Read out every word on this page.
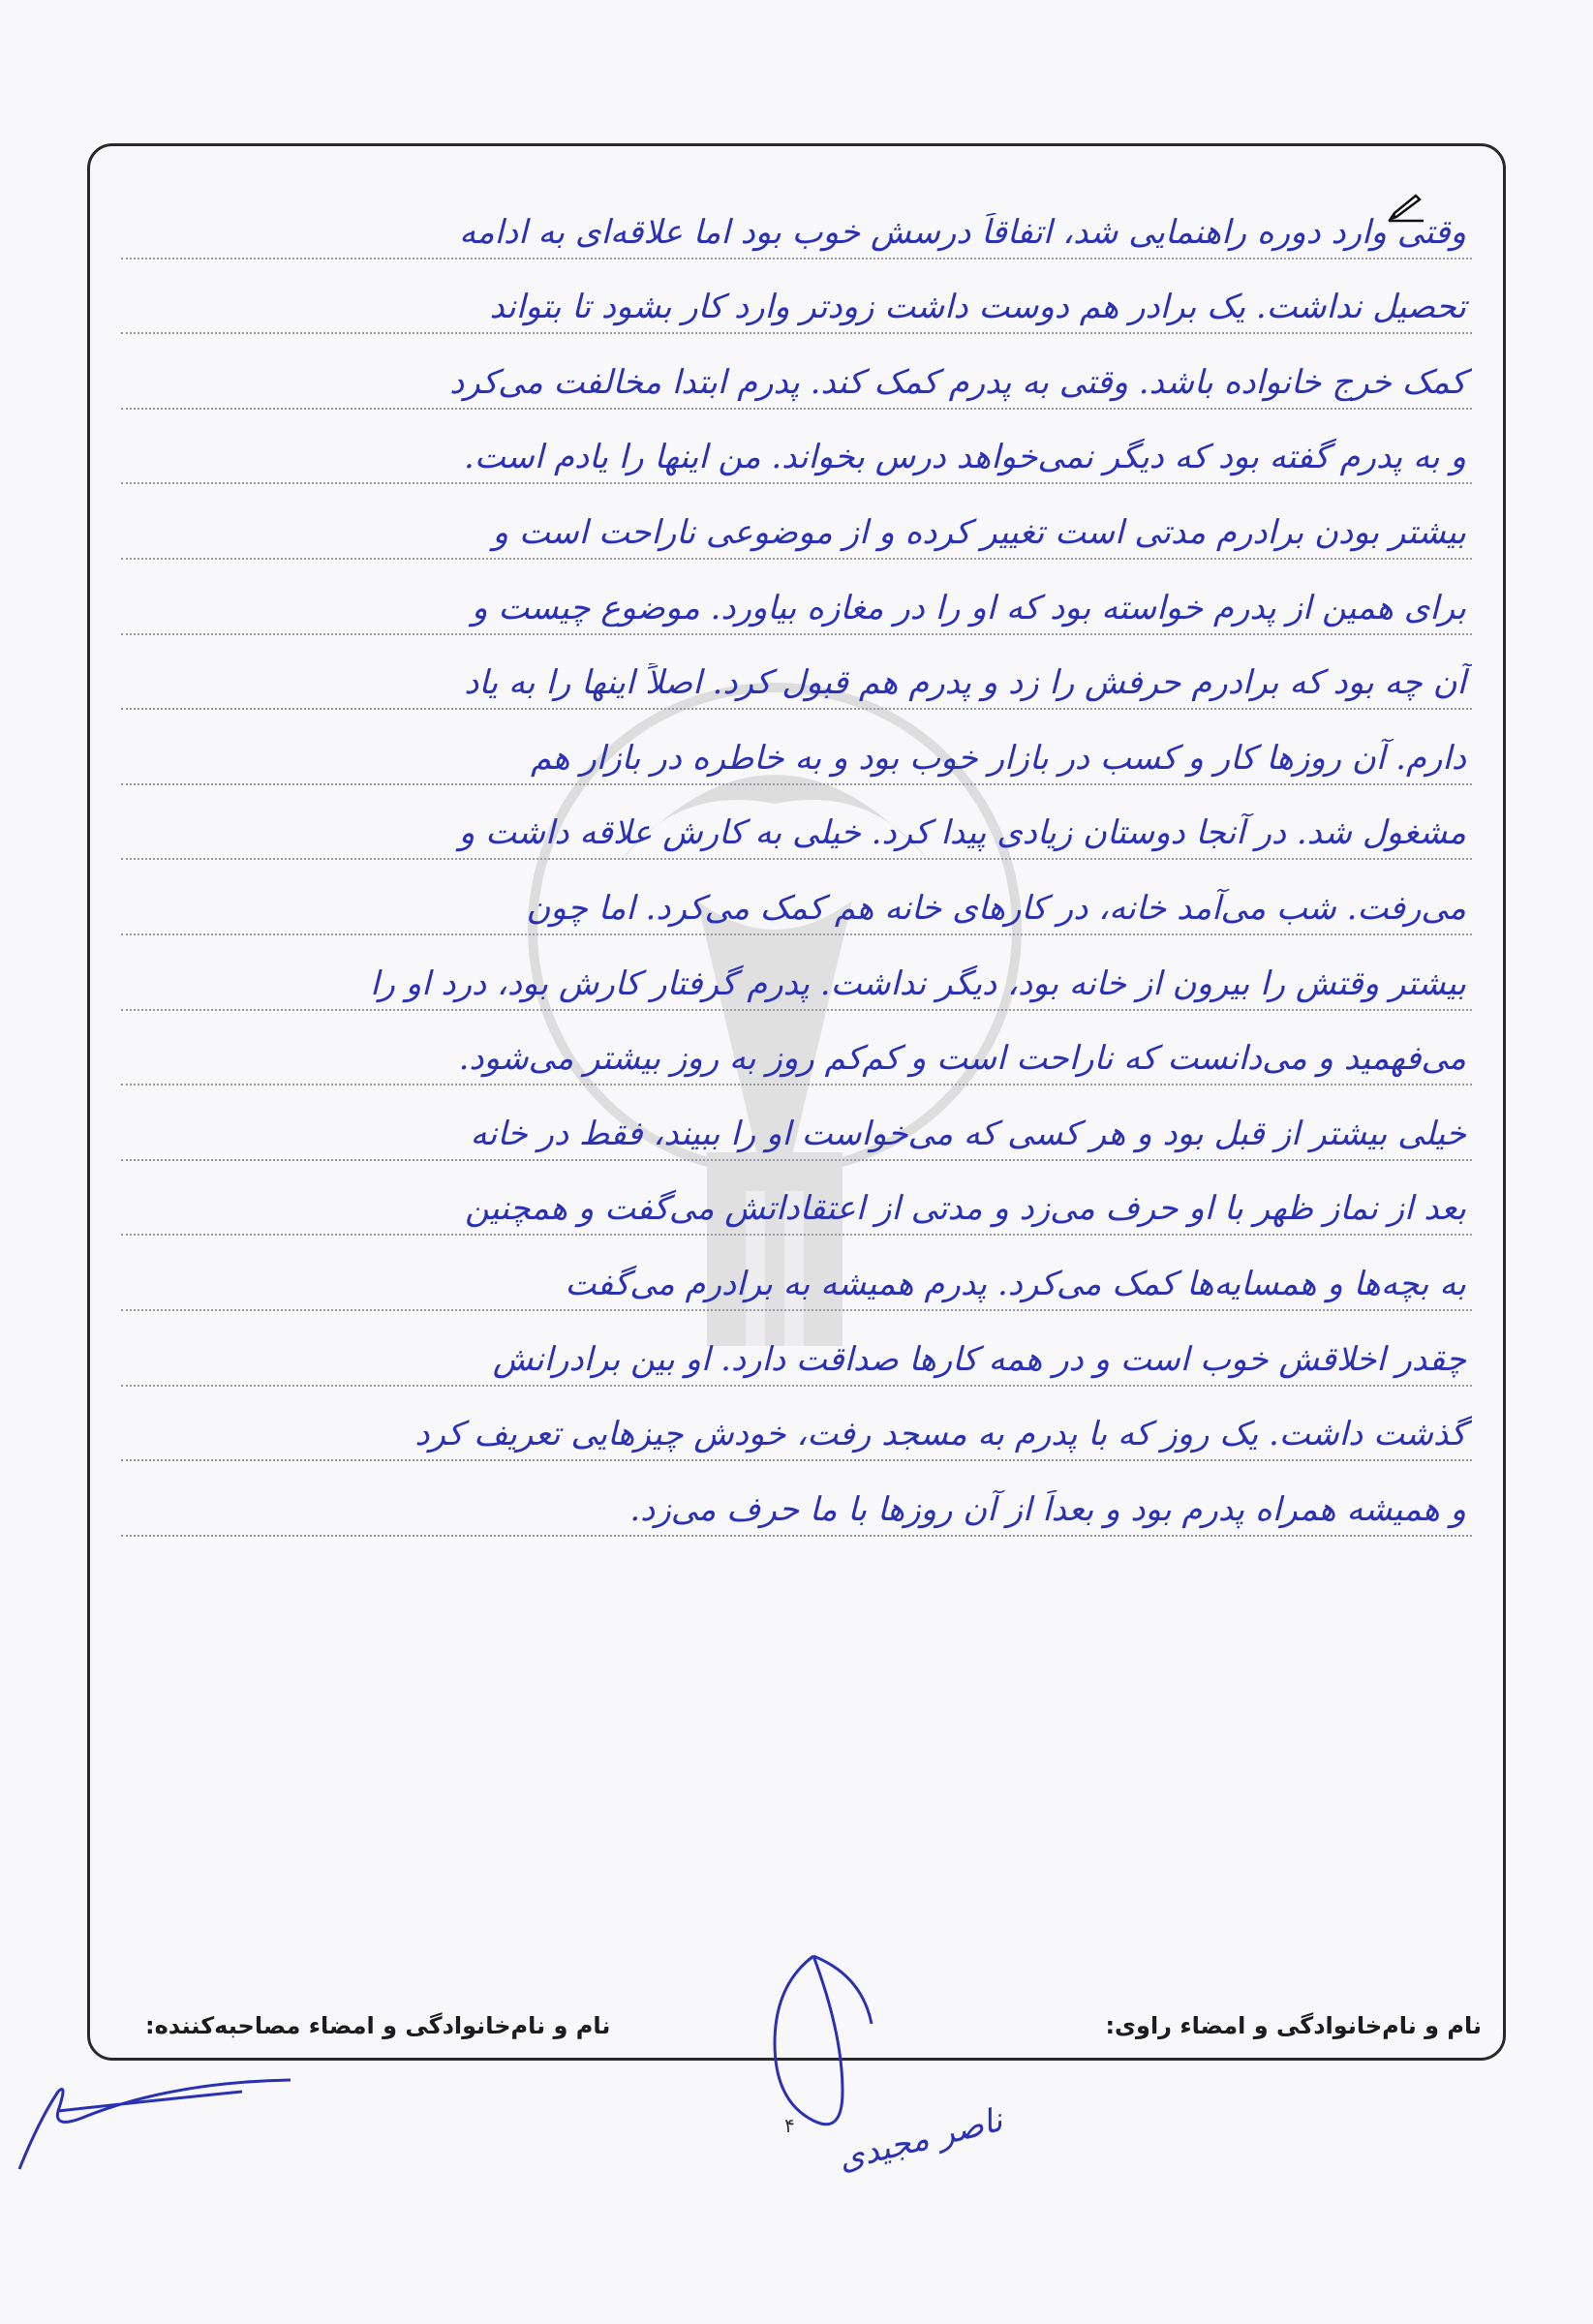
وقتی وارد دوره راهنمایی شد، اتفاقاً درسش خوب بود اما علاقه‌ای به ادامه
تحصیل نداشت. یک برادر هم دوست داشت زودتر وارد کار بشود تا بتواند
کمک خرج خانواده باشد. وقتی به پدرم کمک کند. پدرم ابتدا مخالفت می‌کرد
و به پدرم گفته بود که دیگر نمی‌خواهد درس بخواند. من اینها را یادم است.
بیشتر بودن برادرم مدتی است تغییر کرده و از موضوعی ناراحت است و
برای همین از پدرم خواسته بود که او را در مغازه بیاورد. موضوع چیست و
آن چه بود که برادرم حرفش را زد و پدرم هم قبول کرد. اصلاً اینها را به یاد
دارم. آن روزها کار و کسب در بازار خوب بود و به خاطره در بازار هم
مشغول شد. در آنجا دوستان زیادی پیدا کرد. خیلی به کارش علاقه داشت و
می‌رفت. شب می‌آمد خانه، در کارهای خانه هم کمک می‌کرد. اما چون
بیشتر وقتش را بیرون از خانه بود، دیگر نداشت. پدرم گرفتار کارش بود، درد او را
می‌فهمید و می‌دانست که ناراحت است و کم‌کم روز به روز بیشتر می‌شود.
خیلی بیشتر از قبل بود و هر کسی که می‌خواست او را ببیند، فقط در خانه
بعد از نماز ظهر با او حرف می‌زد و مدتی از اعتقاداتش می‌گفت و همچنین
به بچه‌ها و همسایه‌ها کمک می‌کرد. پدرم همیشه به برادرم می‌گفت
چقدر اخلاقش خوب است و در همه کارها صداقت دارد. او بین برادرانش
گذشت داشت. یک روز که با پدرم به مسجد رفت، خودش چیزهایی تعریف کرد
و همیشه همراه پدرم بود و بعداً از آن روزها با ما حرف می‌زد.
نام و نام‌خانوادگی و امضاء راوی:
نام و نام‌خانوادگی و امضاء مصاحبه‌کننده:
۴	ناصر مجیدی
